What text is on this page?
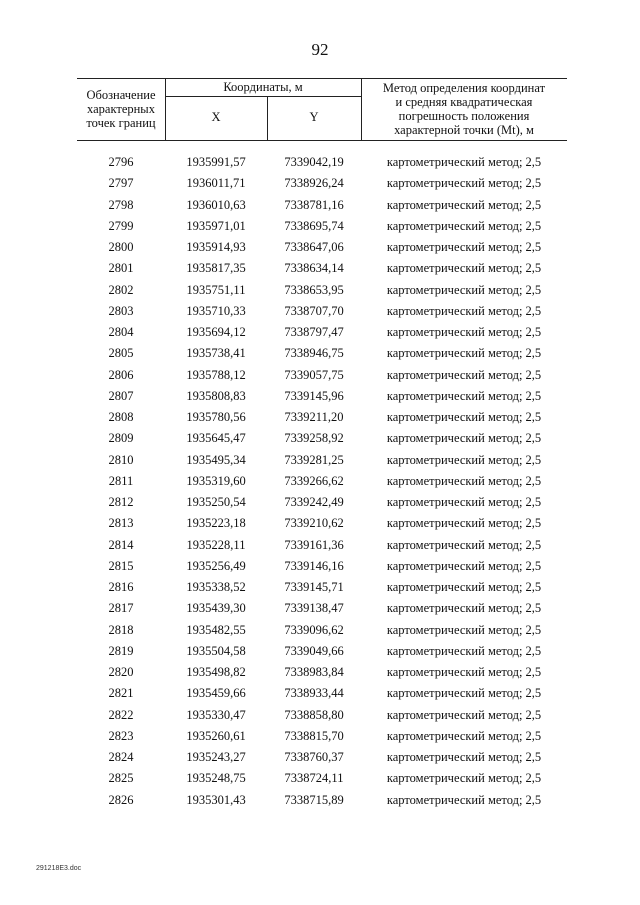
92
Обозначение
характерных
точек границ
Координаты, м
X	Y
Метод определения координат
и средняя квадратическая
погрешность положения
характерной точки (Mt), м
2796	1935991,57	7339042,19	картометрический метод; 2,5
2797	1936011,71	7338926,24	картометрический метод; 2,5
2798	1936010,63	7338781,16	картометрический метод; 2,5
2799	1935971,01	7338695,74	картометрический метод; 2,5
2800	1935914,93	7338647,06	картометрический метод; 2,5
2801	1935817,35	7338634,14	картометрический метод; 2,5
2802	1935751,11	7338653,95	картометрический метод; 2,5
2803	1935710,33	7338707,70	картометрический метод; 2,5
2804	1935694,12	7338797,47	картометрический метод; 2,5
2805	1935738,41	7338946,75	картометрический метод; 2,5
2806	1935788,12	7339057,75	картометрический метод; 2,5
2807	1935808,83	7339145,96	картометрический метод; 2,5
2808	1935780,56	7339211,20	картометрический метод; 2,5
2809	1935645,47	7339258,92	картометрический метод; 2,5
2810	1935495,34	7339281,25	картометрический метод; 2,5
2811	1935319,60	7339266,62	картометрический метод; 2,5
2812	1935250,54	7339242,49	картометрический метод; 2,5
2813	1935223,18	7339210,62	картометрический метод; 2,5
2814	1935228,11	7339161,36	картометрический метод; 2,5
2815	1935256,49	7339146,16	картометрический метод; 2,5
2816	1935338,52	7339145,71	картометрический метод; 2,5
2817	1935439,30	7339138,47	картометрический метод; 2,5
2818	1935482,55	7339096,62	картометрический метод; 2,5
2819	1935504,58	7339049,66	картометрический метод; 2,5
2820	1935498,82	7338983,84	картометрический метод; 2,5
2821	1935459,66	7338933,44	картометрический метод; 2,5
2822	1935330,47	7338858,80	картометрический метод; 2,5
2823	1935260,61	7338815,70	картометрический метод; 2,5
2824	1935243,27	7338760,37	картометрический метод; 2,5
2825	1935248,75	7338724,11	картометрический метод; 2,5
2826	1935301,43	7338715,89	картометрический метод; 2,5
291218E3.doc
